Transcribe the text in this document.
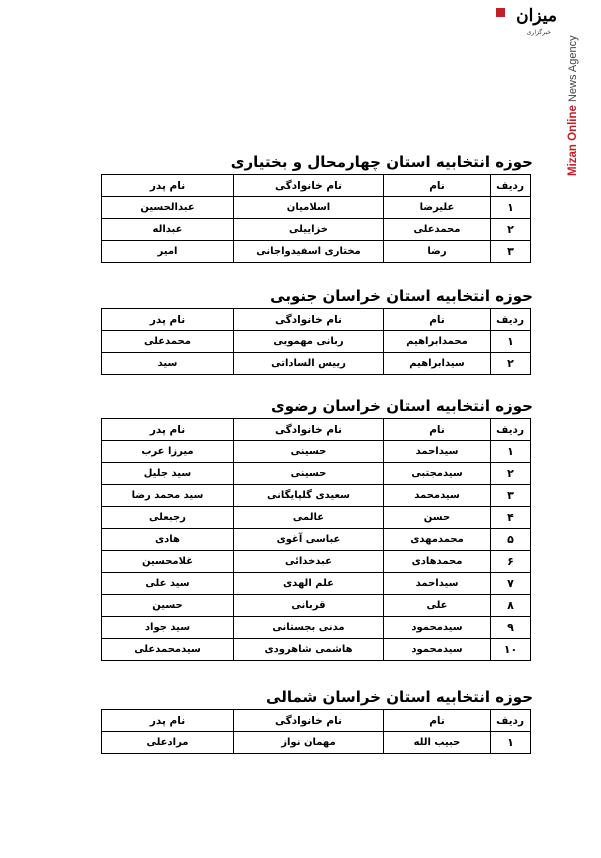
میزان
خبرگزاری
Mizan Online News Agency
حوزه انتخابیه استان چهارمحال و بختیاری
ردیف	نام	نام خانوادگی	نام پدر
۱	علیرضا	اسلامیان	عبدالحسین
۲	محمدعلی	خزاییلی	عبداله
۳	رضا	مختاری اسفیدواجانی	امیر
حوزه انتخابیه استان خراسان جنوبی
ردیف	نام	نام خانوادگی	نام پدر
۱	محمدابراهیم	ربانی مهمویی	محمدعلی
۲	سیدابراهیم	رییس الساداتی	سید
حوزه انتخابیه استان خراسان رضوی
ردیف	نام	نام خانوادگی	نام پدر
۱	سیداحمد	حسینی	میرزا عرب
۲	سیدمجتبی	حسینی	سید جلیل
۳	سیدمحمد	سعیدی گلپایگانی	سید محمد رضا
۴	حسن	عالمی	رجبعلی
۵	محمدمهدی	عباسی آغوی	هادی
۶	محمدهادی	عبدخدائی	غلامحسین
۷	سیداحمد	علم الهدی	سید علی
۸	علی	قربانی	حسین
۹	سیدمحمود	مدنی بجستانی	سید جواد
۱۰	سیدمحمود	هاشمی شاهرودی	سیدمحمدعلی
حوزه انتخابیه استان خراسان شمالی
ردیف	نام	نام خانوادگی	نام پدر
۱	حبیب الله	مهمان نواز	مرادعلی
